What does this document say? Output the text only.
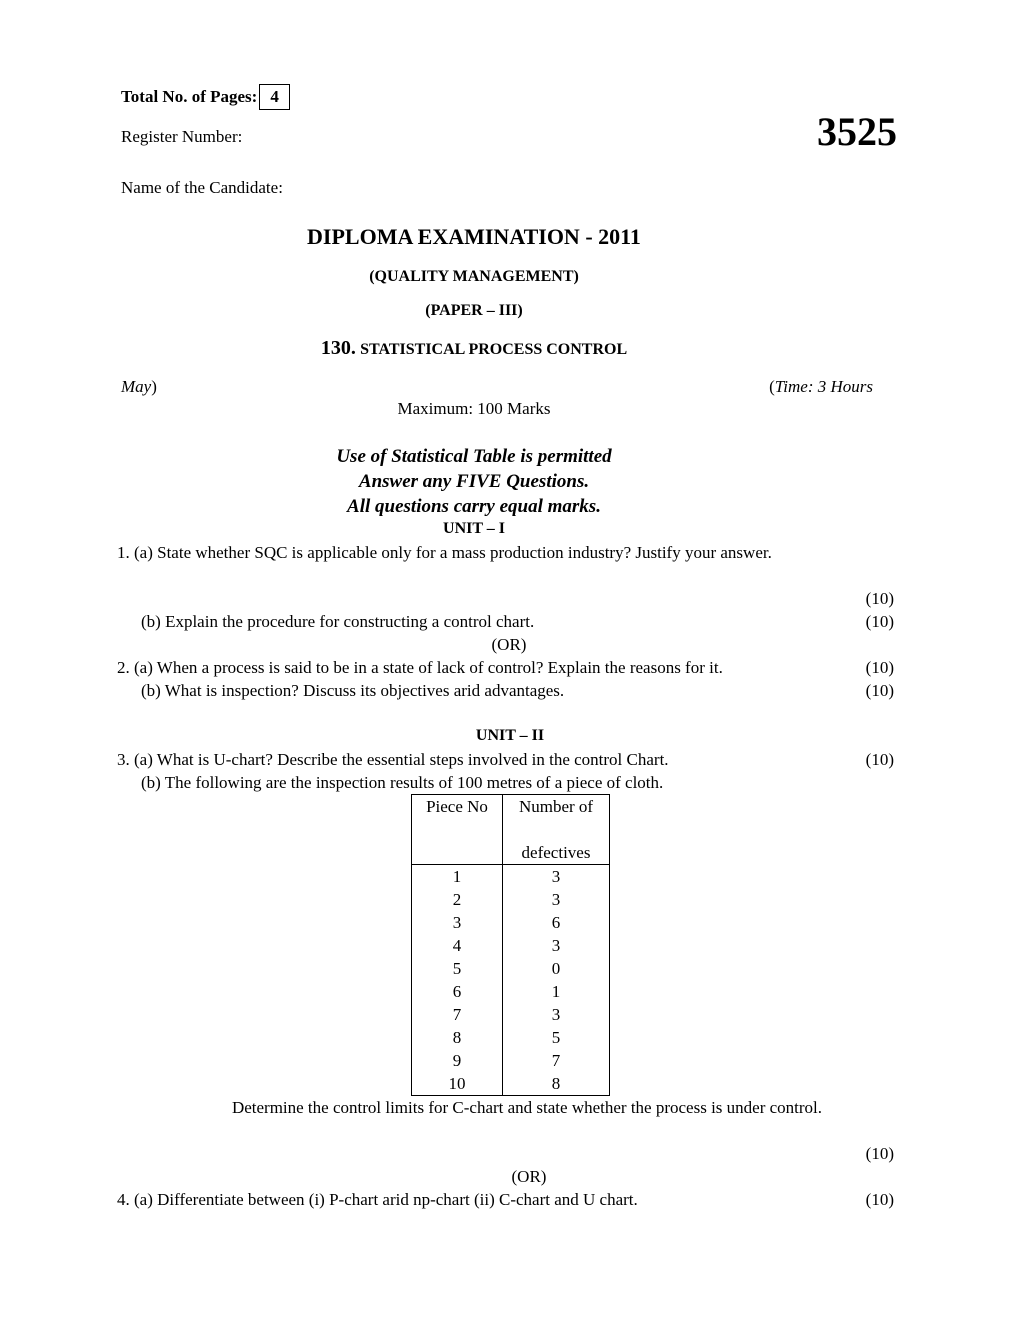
Total No. of Pages: 4
Register Number:	3525
Name of the Candidate:
DIPLOMA EXAMINATION - 2011
(QUALITY MANAGEMENT)
(PAPER – III)
130. STATISTICAL PROCESS CONTROL
May)	(Time: 3 Hours
Maximum: 100 Marks
Use of Statistical Table is permitted
Answer any FIVE Questions.
All questions carry equal marks.
UNIT – I
1. (a) State whether SQC is applicable only for a mass production industry? Justify your answer.
(10)
(b) Explain the procedure for constructing a control chart.	(10)
(OR)
2. (a) When a process is said to be in a state of lack of control? Explain the reasons for it.	(10)
(b) What is inspection? Discuss its objectives arid advantages.	(10)
UNIT – II
3. (a) What is U-chart? Describe the essential steps involved in the control Chart.	(10)
(b) The following are the inspection results of 100 metres of a piece of cloth.
Piece No	Number of

defectives

1	3
2	3
3	6
4	3
5	0
6	1
7	3
8	5
9	7
10	8
Determine the control limits for C-chart and state whether the process is under control.
(10)
(OR)
4. (a) Differentiate between (i) P-chart arid np-chart (ii) C-chart and U chart.	(10)
